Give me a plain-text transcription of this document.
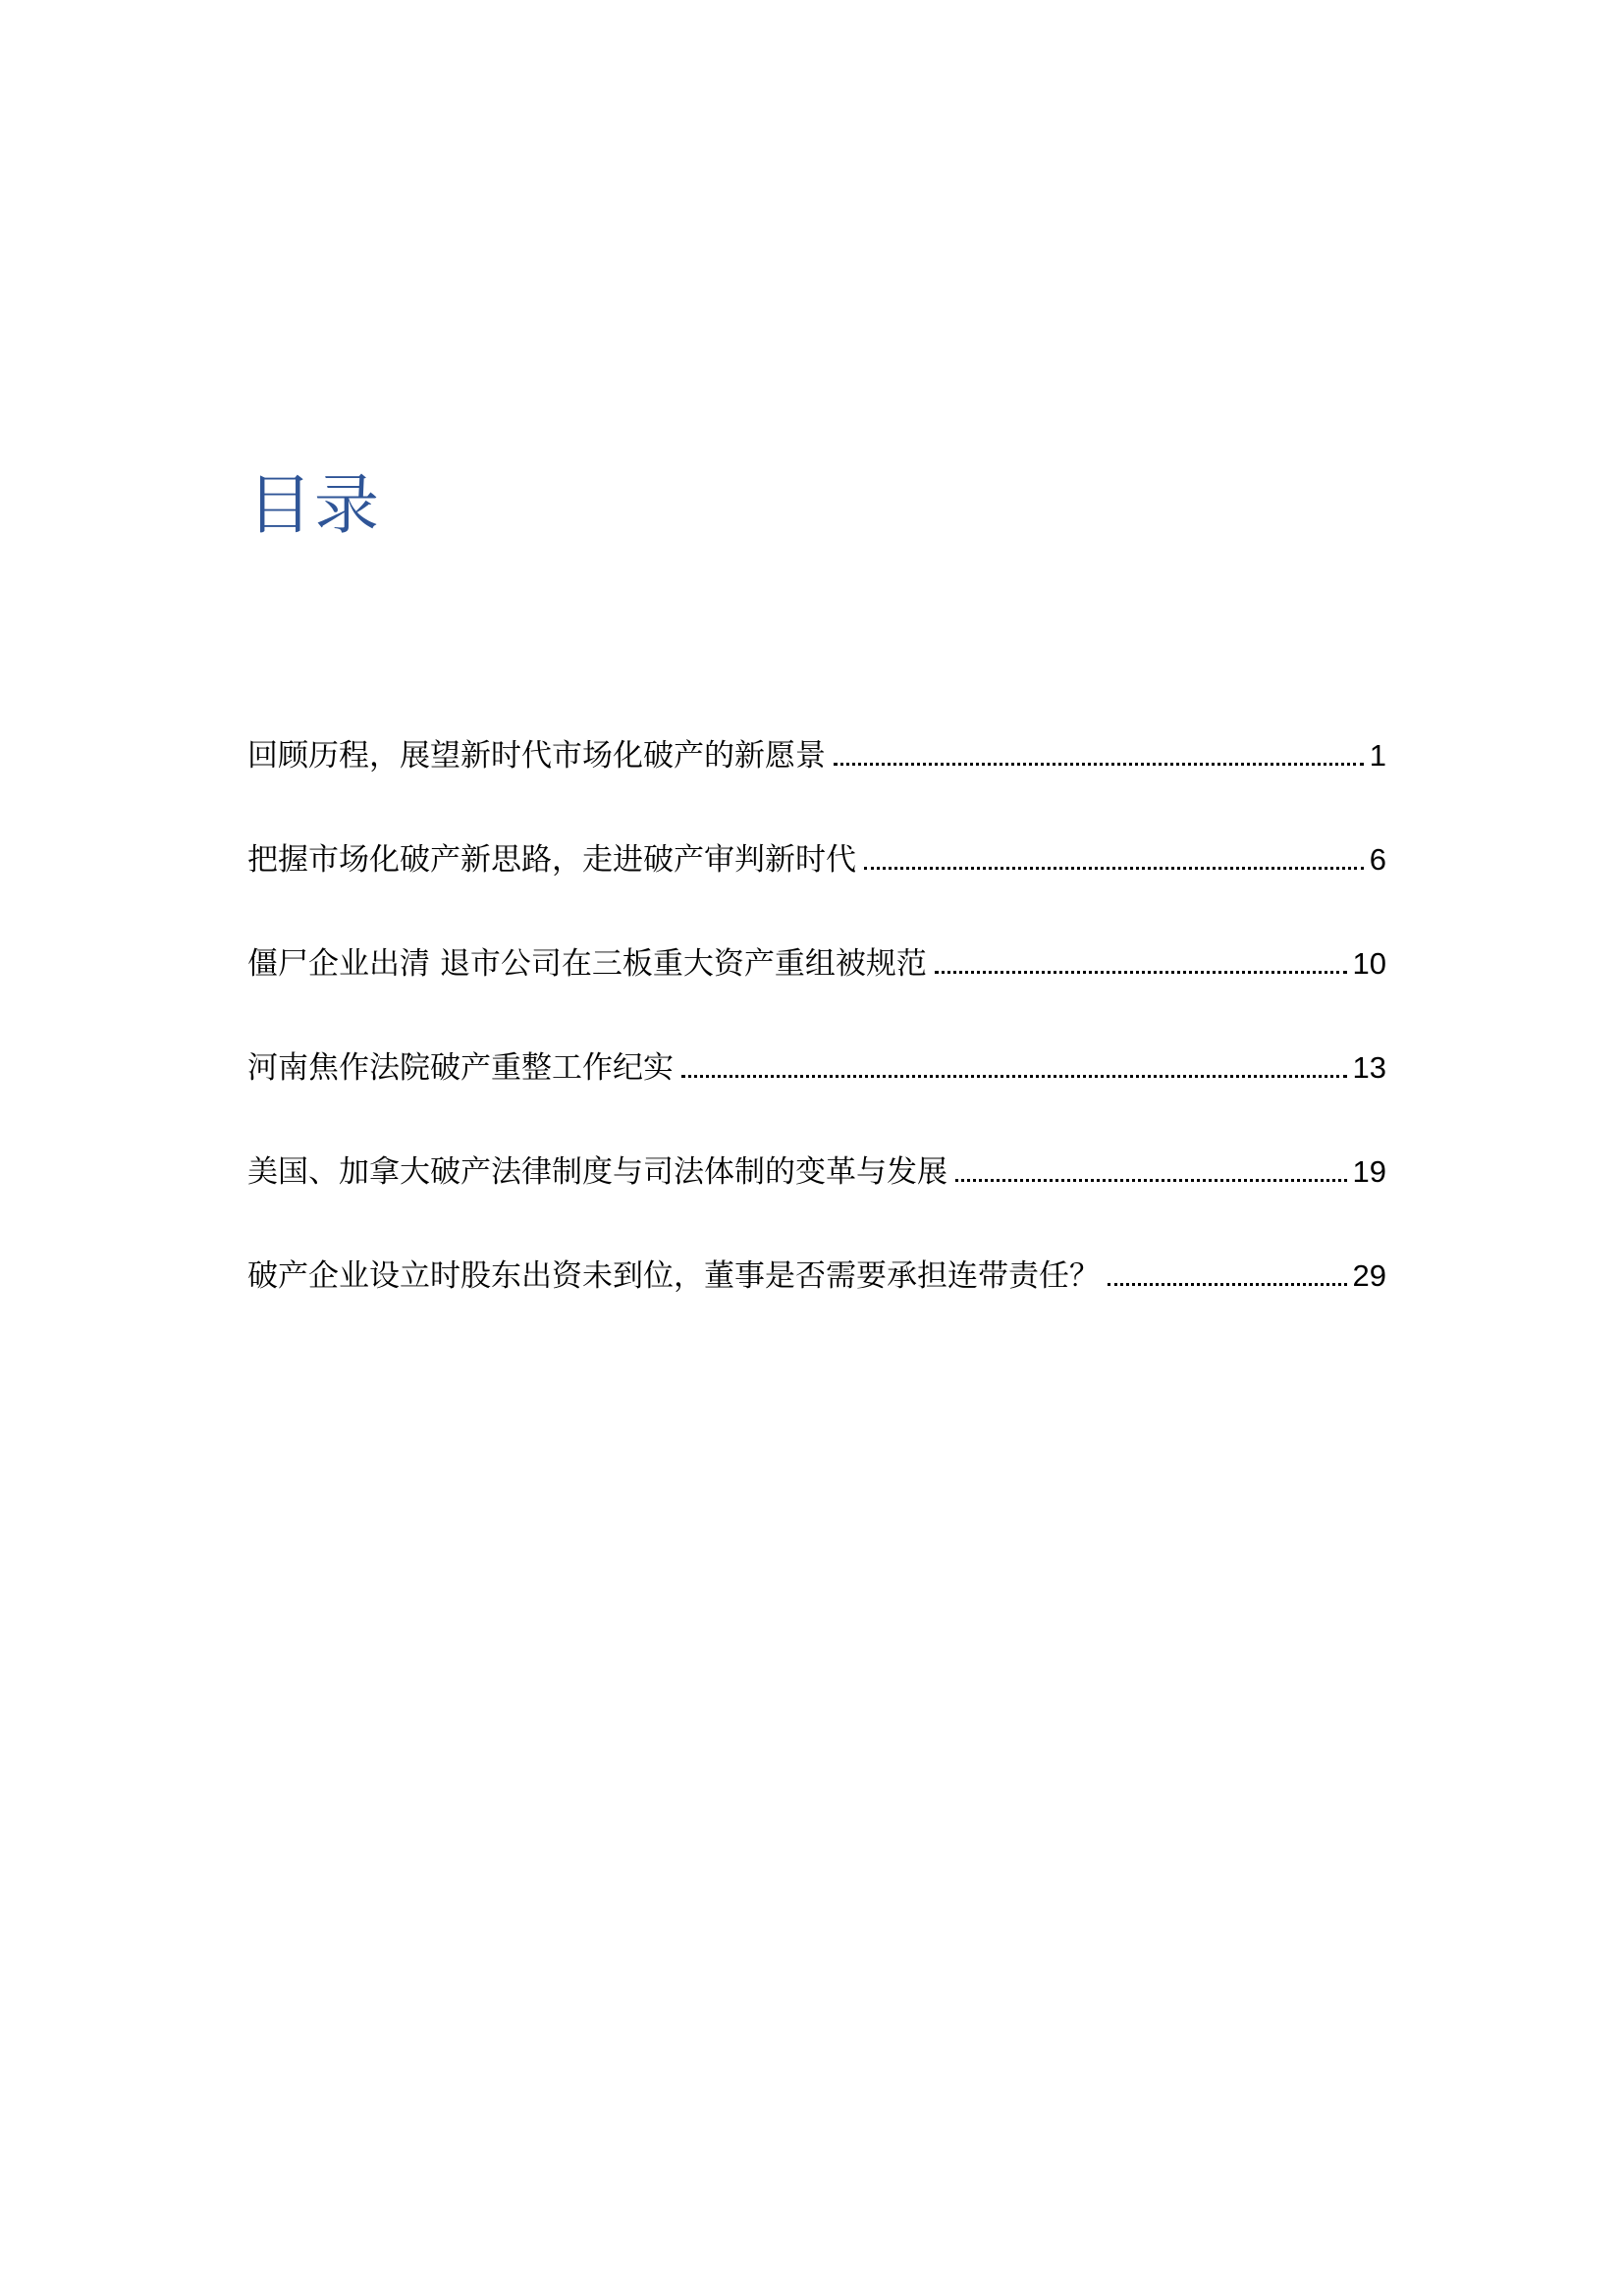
目录
回顾历程，展望新时代市场化破产的新愿景	1
把握市场化破产新思路，走进破产审判新时代	6
僵尸企业出清 退市公司在三板重大资产重组被规范	10
河南焦作法院破产重整工作纪实	13
美国、加拿大破产法律制度与司法体制的变革与发展	19
破产企业设立时股东出资未到位，董事是否需要承担连带责任？	29
